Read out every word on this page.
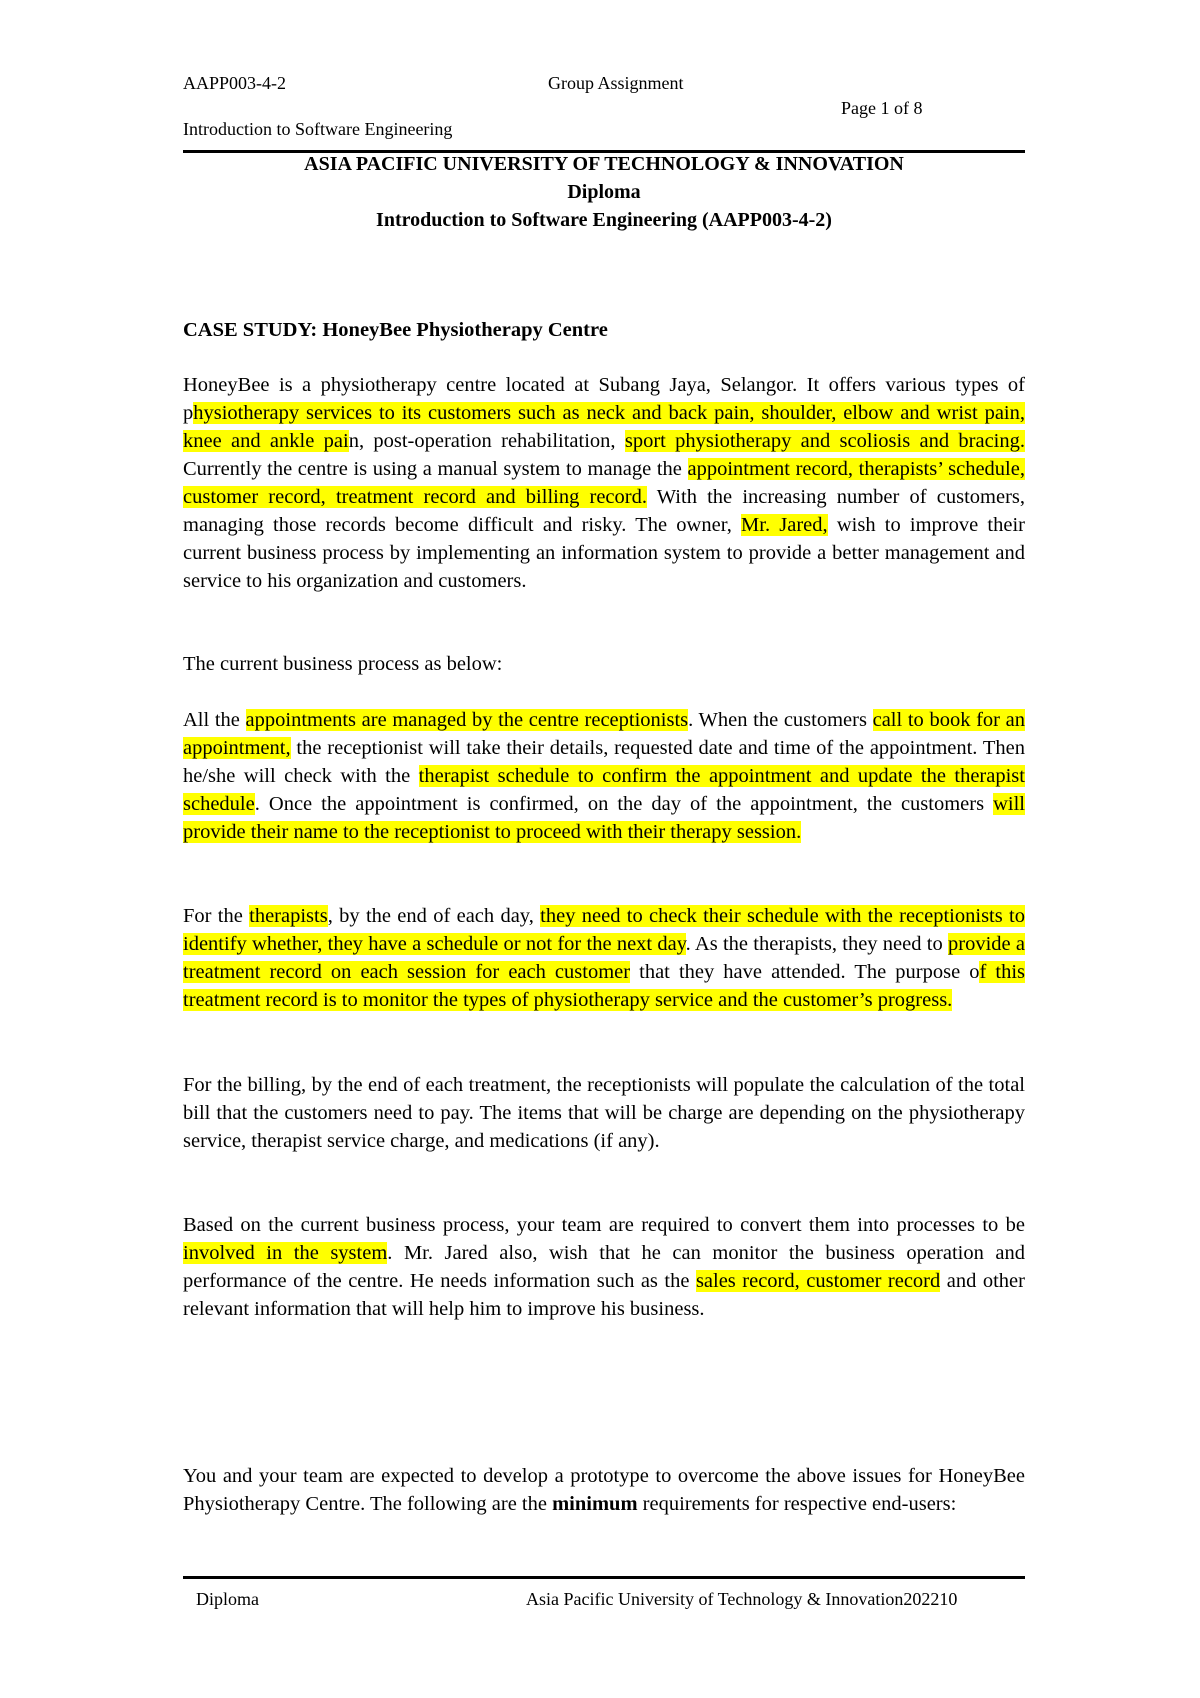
AAPP003-4-2	Group Assignment
Page 1 of 8
Introduction to Software Engineering
ASIA PACIFIC UNIVERSITY OF TECHNOLOGY & INNOVATION
Diploma
Introduction to Software Engineering (AAPP003-4-2)
CASE STUDY: HoneyBee Physiotherapy Centre

HoneyBee is a physiotherapy centre located at Subang Jaya, Selangor. It offers various types of physiotherapy services to its customers such as neck and back pain, shoulder, elbow and wrist pain, knee and ankle pain, post-operation rehabilitation, sport physiotherapy and scoliosis and bracing. Currently the centre is using a manual system to manage the appointment record, therapists’ schedule, customer record, treatment record and billing record. With the increasing number of customers, managing those records become difficult and risky. The owner, Mr. Jared, wish to improve their current business process by implementing an information system to provide a better management and service to his organization and customers.

The current business process as below:

All the appointments are managed by the centre receptionists. When the customers call to book for an appointment, the receptionist will take their details, requested date and time of the appointment. Then he/she will check with the therapist schedule to confirm the appointment and update the therapist schedule. Once the appointment is confirmed, on the day of the appointment, the customers will provide their name to the receptionist to proceed with their therapy session.

For the therapists, by the end of each day, they need to check their schedule with the receptionists to identify whether, they have a schedule or not for the next day. As the therapists, they need to provide a treatment record on each session for each customer that they have attended. The purpose of this treatment record is to monitor the types of physiotherapy service and the customer’s progress.

For the billing, by the end of each treatment, the receptionists will populate the calculation of the total bill that the customers need to pay. The items that will be charge are depending on the physiotherapy service, therapist service charge, and medications (if any).

Based on the current business process, your team are required to convert them into processes to be involved in the system. Mr. Jared also, wish that he can monitor the business operation and performance of the centre. He needs information such as the sales record, customer record and other relevant information that will help him to improve his business.

You and your team are expected to develop a prototype to overcome the above issues for HoneyBee Physiotherapy Centre. The following are the minimum requirements for respective end-users:

Diploma	Asia Pacific University of Technology & Innovation202210
